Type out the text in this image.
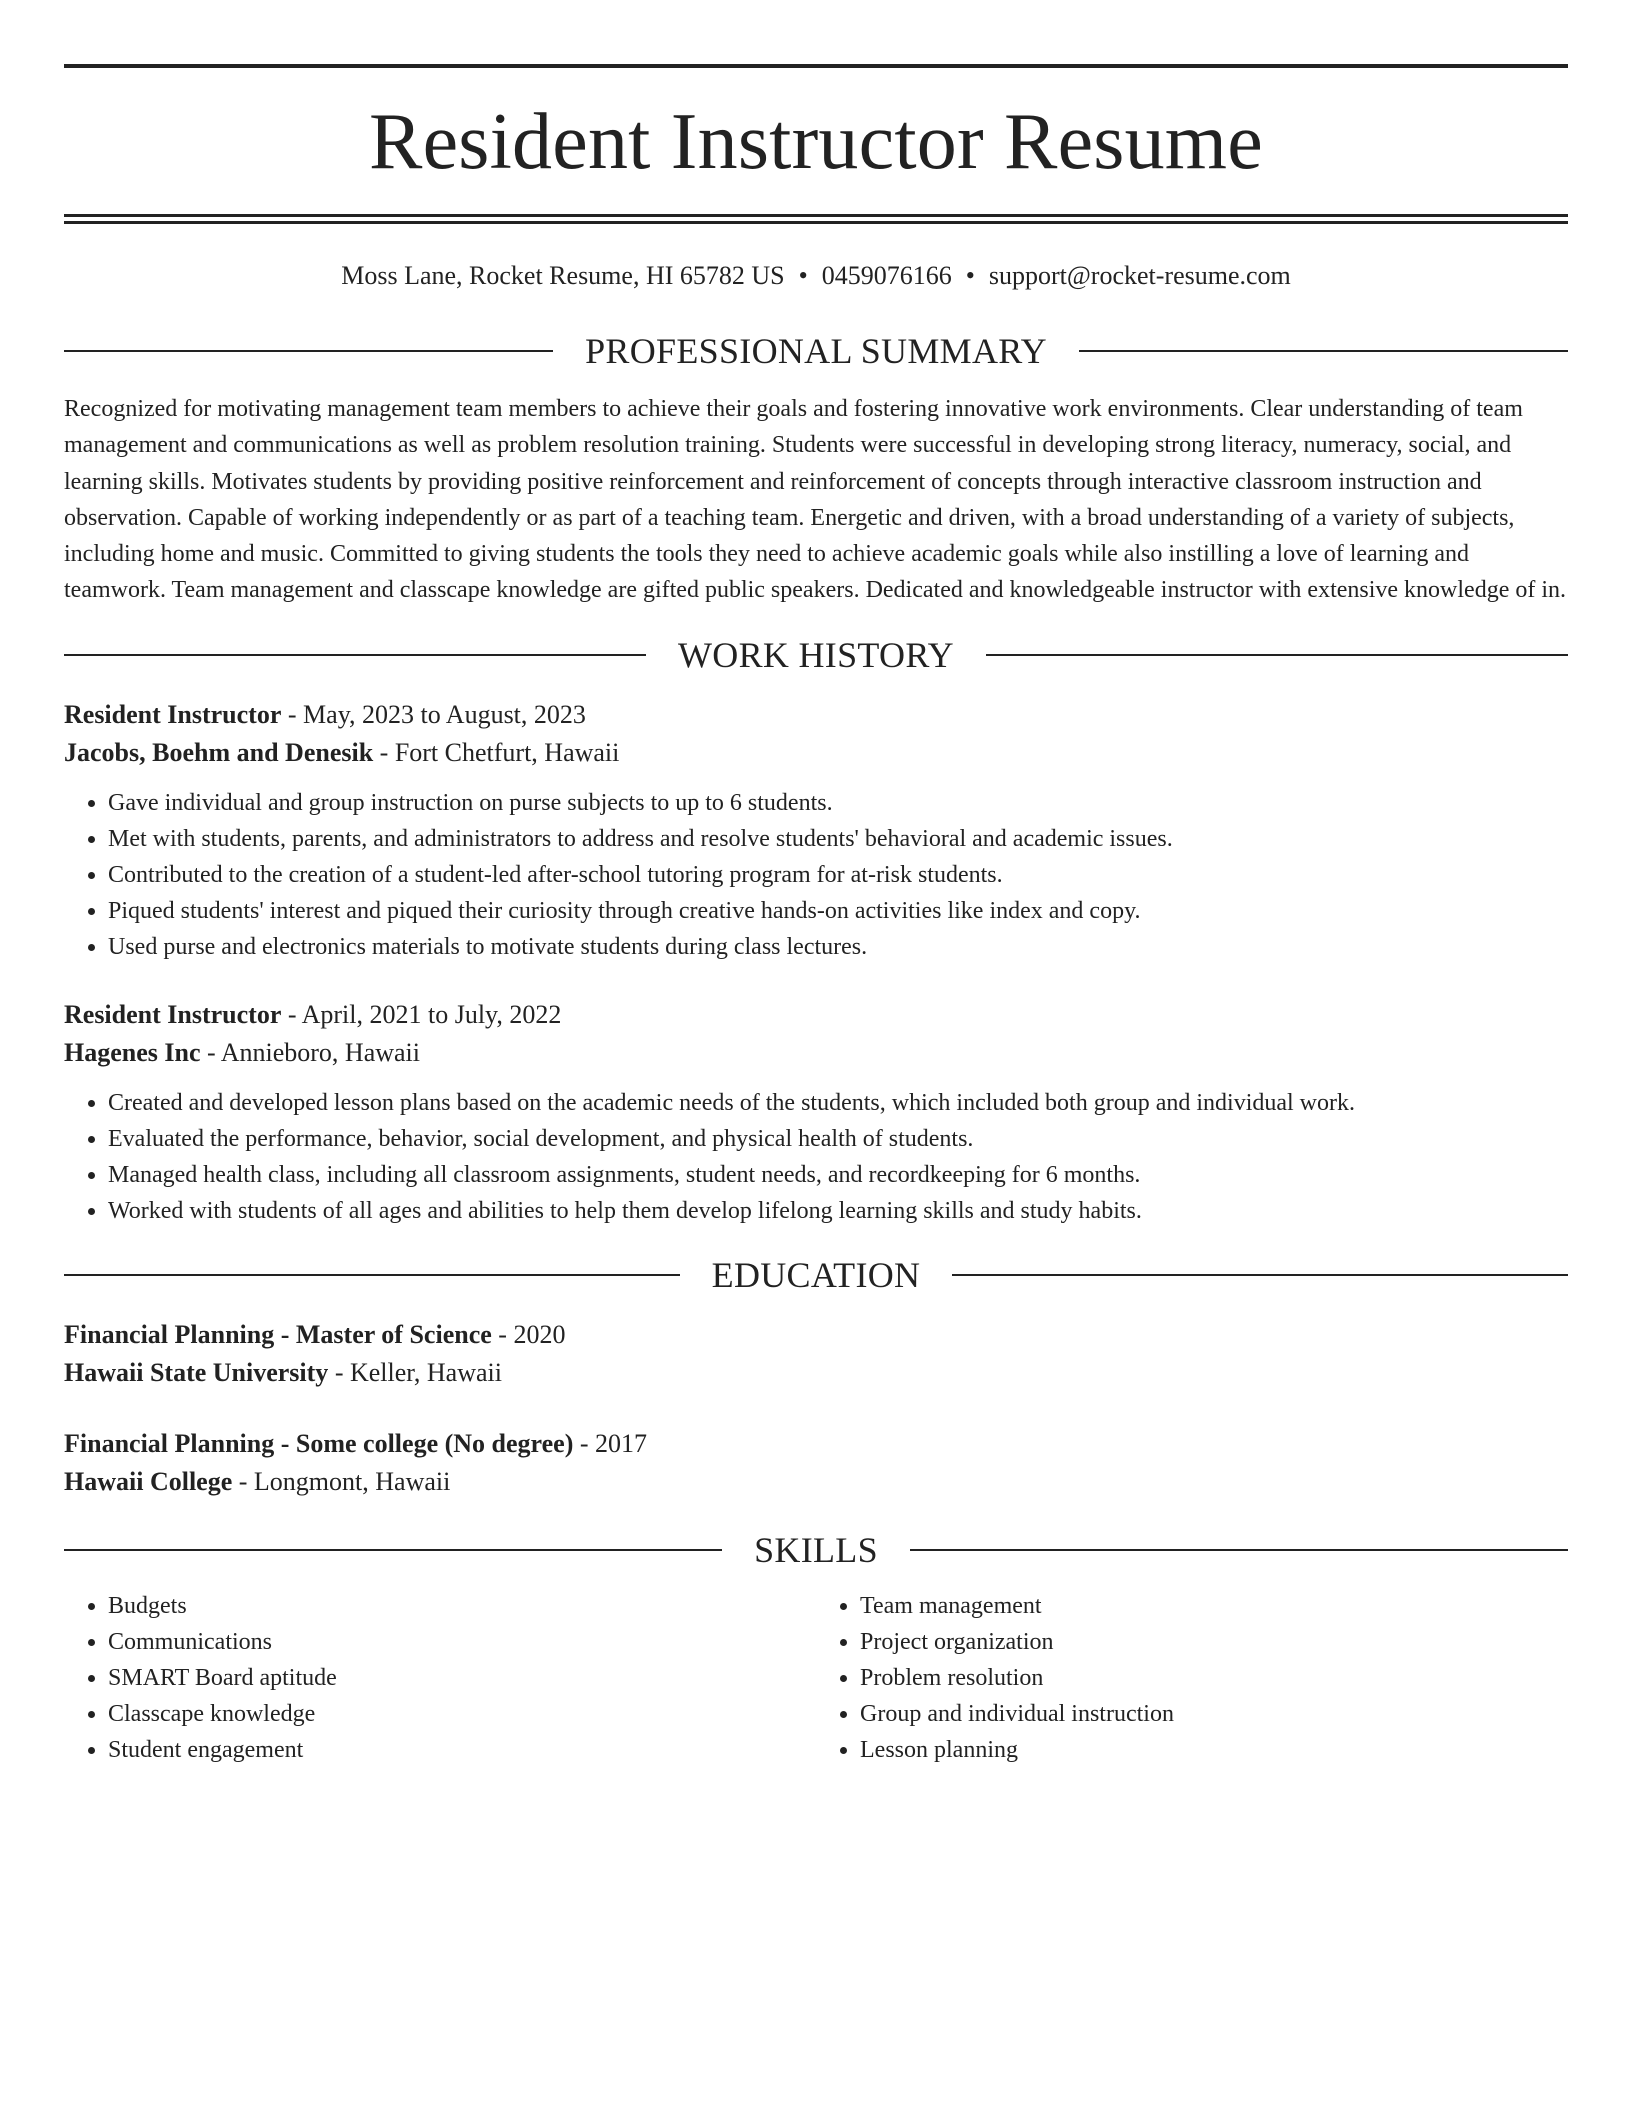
Resident Instructor Resume
Moss Lane, Rocket Resume, HI 65782 US • 0459076166 • support@rocket-resume.com
PROFESSIONAL SUMMARY

Recognized for motivating management team members to achieve their goals and fostering innovative work environments. Clear understanding of team management and communications as well as problem resolution training. Students were successful in developing strong literacy, numeracy, social, and learning skills. Motivates students by providing positive reinforcement and reinforcement of concepts through interactive classroom instruction and observation. Capable of working independently or as part of a teaching team. Energetic and driven, with a broad understanding of a variety of subjects, including home and music. Committed to giving students the tools they need to achieve academic goals while also instilling a love of learning and teamwork. Team management and classcape knowledge are gifted public speakers. Dedicated and knowledgeable instructor with extensive knowledge of in.

WORK HISTORY
Resident Instructor - May, 2023 to August, 2023
Jacobs, Boehm and Denesik - Fort Chetfurt, Hawaii
• Gave individual and group instruction on purse subjects to up to 6 students.
• Met with students, parents, and administrators to address and resolve students' behavioral and academic issues.
• Contributed to the creation of a student-led after-school tutoring program for at-risk students.
• Piqued students' interest and piqued their curiosity through creative hands-on activities like index and copy.
• Used purse and electronics materials to motivate students during class lectures.
Resident Instructor - April, 2021 to July, 2022
Hagenes Inc - Annieboro, Hawaii
• Created and developed lesson plans based on the academic needs of the students, which included both group and individual work.
• Evaluated the performance, behavior, social development, and physical health of students.
• Managed health class, including all classroom assignments, student needs, and recordkeeping for 6 months.
• Worked with students of all ages and abilities to help them develop lifelong learning skills and study habits.
EDUCATION
Financial Planning - Master of Science - 2020
Hawaii State University - Keller, Hawaii
Financial Planning - Some college (No degree) - 2017
Hawaii College - Longmont, Hawaii
SKILLS
• Budgets
• Communications
• SMART Board aptitude
• Classcape knowledge
• Student engagement
• Team management
• Project organization
• Problem resolution
• Group and individual instruction
• Lesson planning
